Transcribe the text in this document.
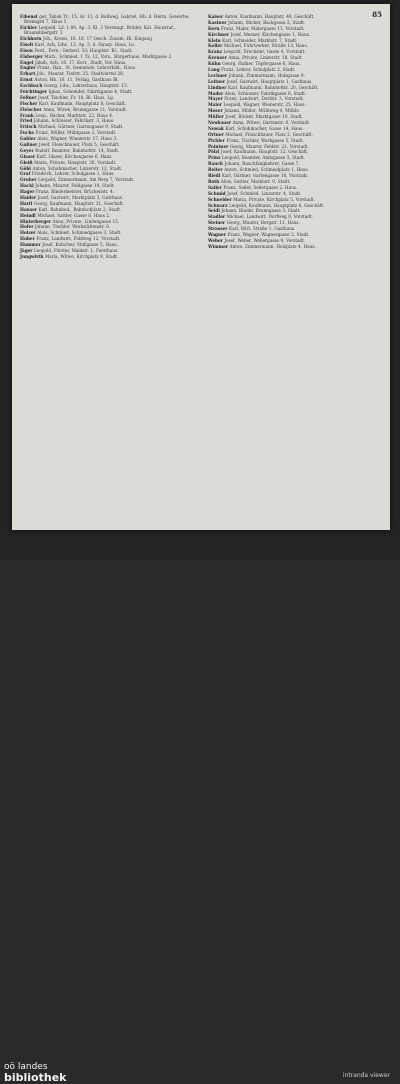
85
Eibenst ger, Tabak Tr., 15. Ar. 13, d. Ballweg, Gabriel, Hb, d. Herm. Gewerbe, Brenngrd 7, Haus 5
Eichler Leopold, Ld. 1.88. Ap. 3. Kl. 3 Vereinigt. Brüder, Kat. Haustraf., Braunshbergstr. 3
Eichhorn Joh., Kreiss, 16. 18. 17 Gesch. Zusam, Hl. Eingang
Eiselt Karl, Ach, Ldw., 13. Ap. 3, d. Hausp. Haus, Lo.
Eisen Ferd., Fern., Gerberl. 33; Hauptstr. Bl., Stadt.
Elsberger Mich., Schmied, 1 Tz. 12, Vars., Bürgerhaus, Marktgasse 2.
Engel Jakob, Ach, 16. 17. Korr., Stadt, Ver. Haus.
Engler Franz, Han., St. Gemeinde, Lehrerbild., Haus.
Erhart Joh., Maurer, Tiefstr. 25, Stadtviertel 28.
Ernst Anton, Hb. 10. 11, Verlag, Gasthaus Bl.
Eschbach Georg, Ldw., Lehrerhaus, Hauptstr. 13.
Feichtinger Ignaz, Schneider, Fabrikgasse 4, Stadt.
Fellner Josef, Tischler, Fr. 18, Bl. Haus, Lg.
Fischer Karl, Kaufmann, Hauptplatz 8, Geschäft.
Fleischer Anna, Witwe, Brunngasse 11, Vorstadt.
Frank Leop., Bäcker, Marktstr. 22, Haus 4.
Fried Johann, Schlosser, Fabrikstr. 3, Haus.
Fritsch Michael, Gärtner, Gartengasse 9, Stadt.
Fuchs Franz, Müller, Mühlgasse 2, Vorstadt.
Gabler Alois, Wagner, Wienerstr. 17, Haus 3.
Gaßner Josef, Fleischhauer, Platz 5, Geschäft.
Geyer Rudolf, Beamter, Bahnhofstr. 14, Stadt.
Glaser Karl, Glaser, Kirchengasse 6, Haus.
Gleiß Maria, Private, Hauptstr. 30, Vorstadt.
Göbl Anton, Schuhmacher, Linzerstr. 12, Stadt.
Graf Friedrich, Lehrer, Schulgasse 1, Haus.
Gruber Leopold, Zimmermann, Am Berg 7, Vorstadt.
Hackl Johann, Maurer, Feldgasse 19, Stadt.
Hager Franz, Bindermeister, Brückenstr. 4.
Haider Josef, Gastwirt, Marktplatz 3, Gasthaus.
Hartl Georg, Kaufmann, Hauptstr. 21, Geschäft.
Hauser Karl, Bahnbed., Bahnhofplatz 2, Stadt.
Heindl Michael, Sattler, Gasse 8, Haus 2.
Hinterberger Anna, Private, Lindengasse 15.
Hofer Johann, Tischler, Werkstättenstr. 6.
Holzer Alois, Schmied, Schmiedgasse 3, Stadt.
Huber Franz, Landwirt, Feldweg 12, Vorstadt.
Hummer Josef, Kutscher, Stallgasse 5, Haus.
Jäger Leopold, Förster, Waldstr. 1, Forsthaus.
Jungwirth Maria, Witwe, Kirchplatz 9, Stadt.
Kaiser Anton, Kaufmann, Hauptstr. 40, Geschäft.
Kastner Johann, Bäcker, Backgasse 2, Stadt.
Kern Franz, Maler, Malergasse 11, Vorstadt.
Kirchner Josef, Mesner, Kirchengasse 1, Haus.
Klein Karl, Schneider, Marktstr. 7, Stadt.
Koller Michael, Fuhrwerker, Straße 13, Haus.
Kranz Leopold, Drechsler, Gasse 4, Vorstadt.
Kreuzer Anna, Private, Linzerstr. 18, Stadt.
Kühn Georg, Hafner, Töpfergasse 6, Haus.
Lang Franz, Lehrer, Schulplatz 2, Stadt.
Lechner Johann, Zimmermann, Holzgasse 9.
Leitner Josef, Gastwirt, Hauptplatz 1, Gasthaus.
Lindner Karl, Kaufmann, Bahnhofstr. 20, Geschäft.
Mader Alois, Schlosser, Fabrikgasse 8, Stadt.
Mayer Franz, Landwirt, Dorfstr. 3, Vorstadt.
Maier Leopold, Wagner, Wienerstr. 25, Haus.
Moser Johann, Müller, Mühlweg 4, Mühle.
Müller Josef, Bäcker, Marktgasse 10, Stadt.
Neubauer Anna, Witwe, Gartenstr. 6, Vorstadt.
Nowak Karl, Schuhmacher, Gasse 14, Haus.
Ortner Michael, Fleischhauer, Platz 2, Geschäft.
Pichler Franz, Tischler, Werkgasse 5, Stadt.
Pointner Georg, Maurer, Feldstr. 21, Vorstadt.
Pölzl Josef, Kaufmann, Hauptstr. 12, Geschäft.
Prinz Leopold, Beamter, Amtsgasse 3, Stadt.
Rauch Johann, Rauchfangkehrer, Gasse 7.
Reiter Anton, Schmied, Schmiedplatz 1, Haus.
Riedl Karl, Gärtner, Gartengasse 16, Vorstadt.
Roth Alois, Sattler, Marktstr. 9, Stadt.
Sailer Franz, Seiler, Seilergasse 2, Haus.
Schmid Josef, Schmied, Linzerstr. 4, Stadt.
Schneider Maria, Private, Kirchplatz 5, Vorstadt.
Schwarz Leopold, Kaufmann, Hauptplatz 6, Geschäft.
Seidl Johann, Binder, Brunngasse 3, Stadt.
Stadler Michael, Landwirt, Dorfweg 8, Vorstadt.
Steiner Georg, Maurer, Bergstr. 11, Haus.
Strasser Karl, Wirt, Straße 1, Gasthaus.
Wagner Franz, Wagner, Wagnergasse 2, Stadt.
Weber Josef, Weber, Webergasse 9, Vorstadt.
Wimmer Anton, Zimmermann, Holzplatz 4, Haus.
oö landes
bibliothek	intranda viewer
